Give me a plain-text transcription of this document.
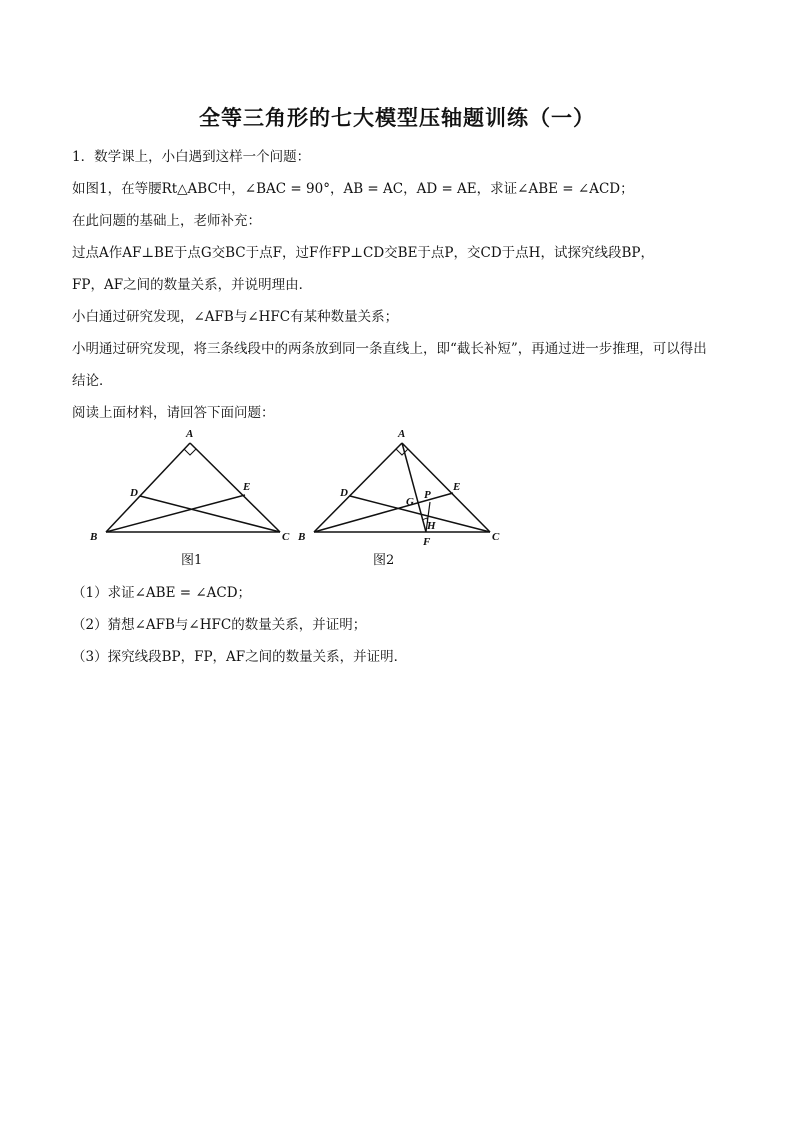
全等三角形的七大模型压轴题训练（一）
1．数学课上，小白遇到这样一个问题：
如图1，在等腰Rt△ABC中，∠BAC = 90°，AB = AC，AD = AE，求证∠ABE = ∠ACD；
在此问题的基础上，老师补充：
过点A作AF⊥BE于点G交BC于点F，过F作FP⊥CD交BE于点P，交CD于点H，试探究线段BP，
FP，AF之间的数量关系，并说明理由．
小白通过研究发现，∠AFB与∠HFC有某种数量关系；
小明通过研究发现，将三条线段中的两条放到同一条直线上，即“截长补短”，再通过进一步推理，可以得出
结论．
阅读上面材料，请回答下面问题：
A
D	E
B	C
图1
A
D	E
G
P
H
B	C
F
图2
（1）求证∠ABE = ∠ACD；
（2）猜想∠AFB与∠HFC的数量关系，并证明；
（3）探究线段BP，FP，AF之间的数量关系，并证明．
